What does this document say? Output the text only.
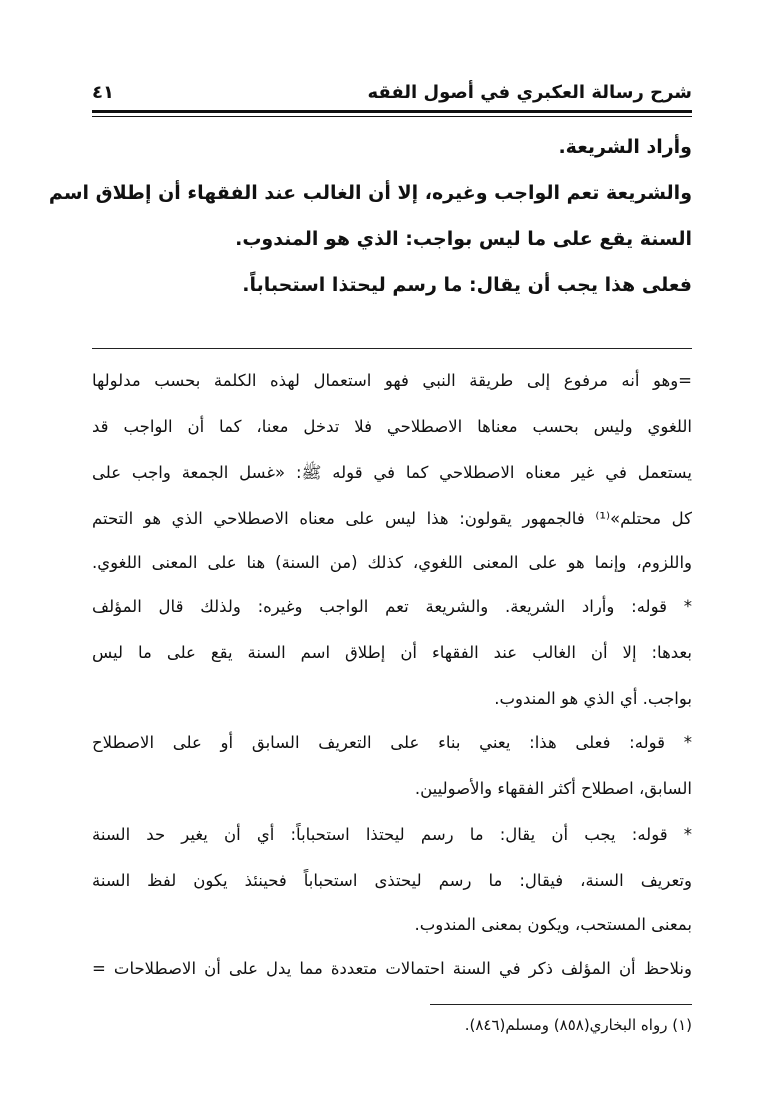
شرح رسالة العكبري في أصول الفقه
٤١
وأراد الشريعة.
والشريعة تعم الواجب وغيره، إلا أن الغالب عند الفقهاء أن إطلاق اسم
السنة يقع على ما ليس بواجب: الذي هو المندوب.
فعلى هذا يجب أن يقال: ما رسم ليحتذا استحباباً.
=وهو أنه مرفوع إلى طريقة النبي فهو استعمال لهذه الكلمة بحسب مدلولها
اللغوي وليس بحسب معناها الاصطلاحي فلا تدخل معنا، كما أن الواجب قد
يستعمل في غير معناه الاصطلاحي كما في قوله ﷺ: «غسل الجمعة واجب على
كل محتلم»⁽¹⁾ فالجمهور يقولون: هذا ليس على معناه الاصطلاحي الذي هو التحتم
واللزوم، وإنما هو على المعنى اللغوي، كذلك (من السنة) هنا على المعنى اللغوي.
* قوله: وأراد الشريعة. والشريعة تعم الواجب وغيره: ولذلك قال المؤلف
بعدها: إلا أن الغالب عند الفقهاء أن إطلاق اسم السنة يقع على ما ليس
بواجب. أي الذي هو المندوب.
* قوله: فعلى هذا: يعني بناء على التعريف السابق أو على الاصطلاح
السابق، اصطلاح أكثر الفقهاء والأصوليين.
* قوله: يجب أن يقال: ما رسم ليحتذا استحباباً: أي أن يغير حد السنة
وتعريف السنة، فيقال: ما رسم ليحتذى استحباباً فحينئذ يكون لفظ السنة
بمعنى المستحب، ويكون بمعنى المندوب.
ونلاحظ أن المؤلف ذكر في السنة احتمالات متعددة مما يدل على أن الاصطلاحات =
(١) رواه البخاري(٨٥٨) ومسلم(٨٤٦).
